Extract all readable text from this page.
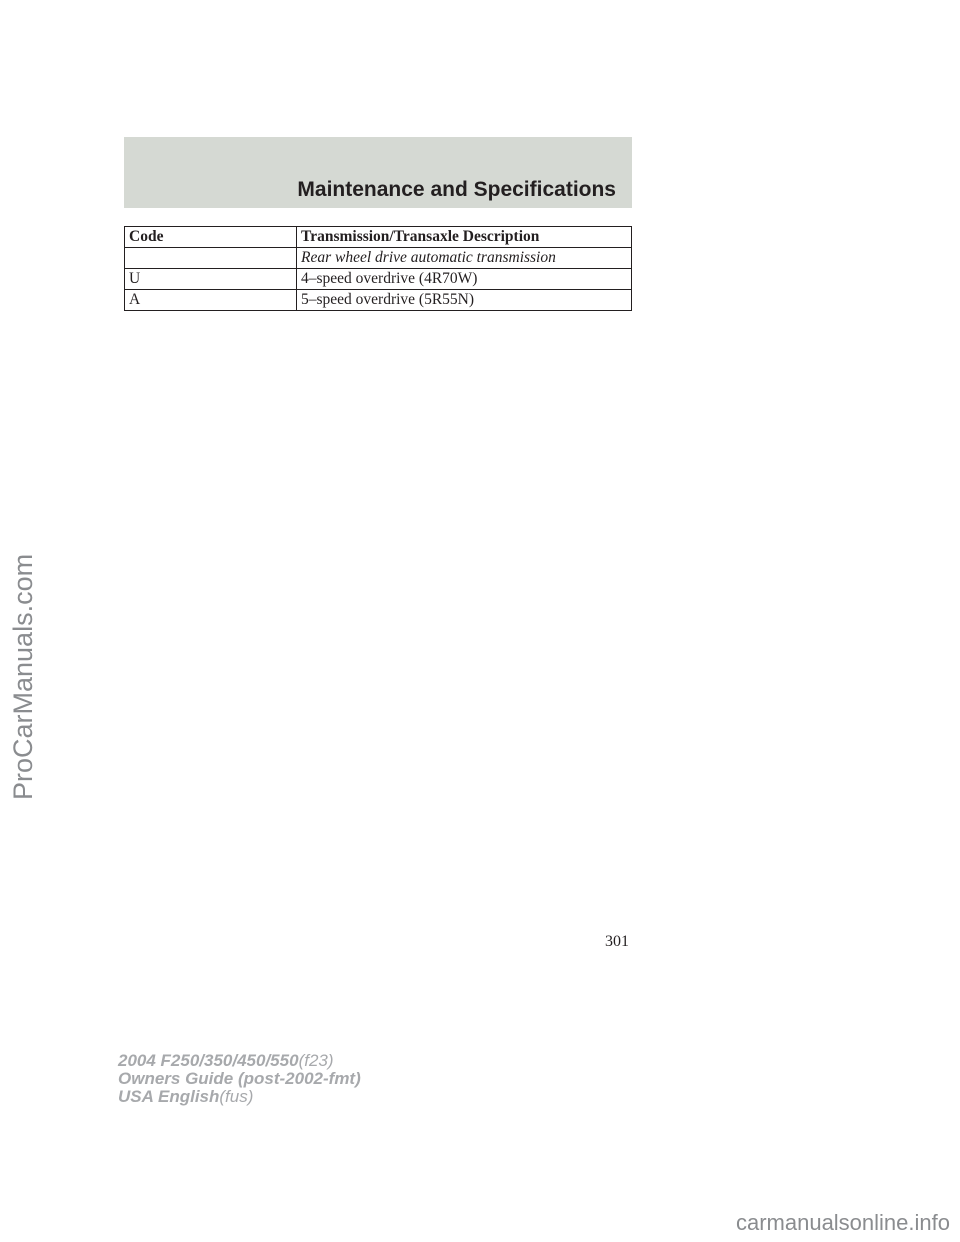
Maintenance and Specifications
Code	Transmission/Transaxle Description
	Rear wheel drive automatic transmission
U	4–speed overdrive (4R70W)
A	5–speed overdrive (5R55N)
301
2004 F250/350/450/550(f23)
Owners Guide (post-2002-fmt)
USA English(fus)
ProCarManuals.com
carmanualsonline.info
